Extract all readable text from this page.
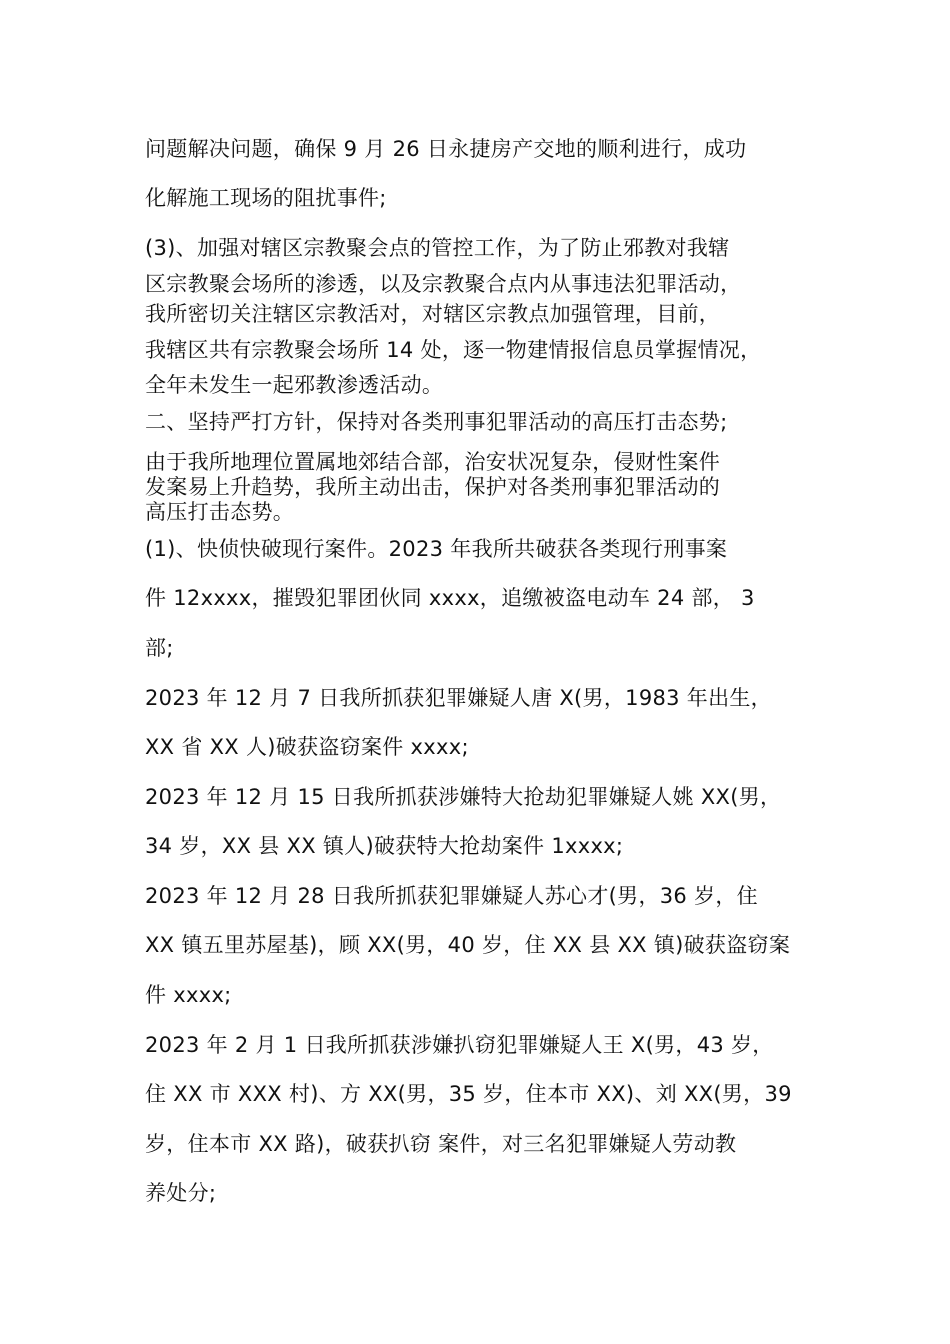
问题解决问题，确保 9 月 26 日永捷房产交地的顺利进行，成功
化解施工现场的阻扰事件;
(3)、加强对辖区宗教聚会点的管控工作，为了防止邪教对我辖
区宗教聚会场所的渗透，以及宗教聚合点内从事违法犯罪活动，
我所密切关注辖区宗教活对，对辖区宗教点加强管理，目前，
我辖区共有宗教聚会场所 14 处，逐一物建情报信息员掌握情况，
全年未发生一起邪教渗透活动。
二、坚持严打方针，保持对各类刑事犯罪活动的高压打击态势;
由于我所地理位置属地郊结合部，治安状况复杂，侵财性案件
发案易上升趋势，我所主动出击，保护对各类刑事犯罪活动的
高压打击态势。
(1)、快侦快破现行案件。2023 年我所共破获各类现行刑事案
件 12xxxx，摧毁犯罪团伙同 xxxx，追缴被盗电动车 24 部， 3
部;
2023 年 12 月 7 日我所抓获犯罪嫌疑人唐 X(男，1983 年出生，
XX 省 XX 人)破获盗窃案件 xxxx;
2023 年 12 月 15 日我所抓获涉嫌特大抢劫犯罪嫌疑人姚 XX(男，
34 岁，XX 县 XX 镇人)破获特大抢劫案件 1xxxx;
2023 年 12 月 28 日我所抓获犯罪嫌疑人苏心才(男，36 岁，住
XX 镇五里苏屋基)，顾 XX(男，40 岁，住 XX 县 XX 镇)破获盗窃案
件 xxxx;
2023 年 2 月 1 日我所抓获涉嫌扒窃犯罪嫌疑人王 X(男，43 岁，
住 XX 市 XXX 村)、方 XX(男，35 岁，住本市 XX)、刘 XX(男，39
岁，住本市 XX 路)，破获扒窃 案件，对三名犯罪嫌疑人劳动教
养处分;
